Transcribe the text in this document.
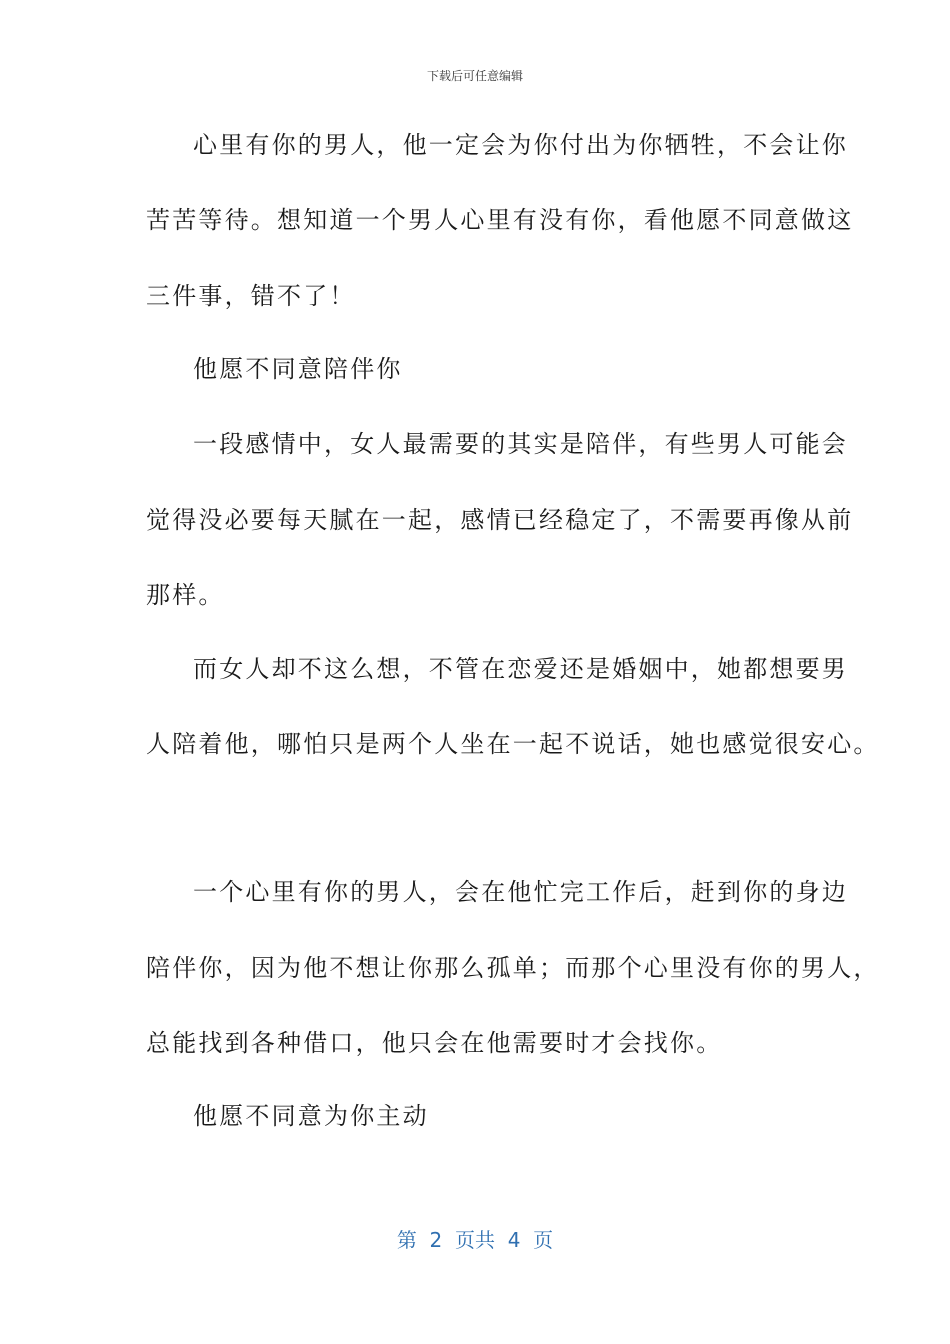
下载后可任意编辑
心里有你的男人，他一定会为你付出为你牺牲，不会让你
苦苦等待。想知道一个男人心里有没有你，看他愿不同意做这
三件事，错不了！
他愿不同意陪伴你
一段感情中，女人最需要的其实是陪伴，有些男人可能会
觉得没必要每天腻在一起，感情已经稳定了，不需要再像从前
那样。
而女人却不这么想，不管在恋爱还是婚姻中，她都想要男
人陪着他，哪怕只是两个人坐在一起不说话，她也感觉很安心。
一个心里有你的男人，会在他忙完工作后，赶到你的身边
陪伴你，因为他不想让你那么孤单；而那个心里没有你的男人，
总能找到各种借口，他只会在他需要时才会找你。
他愿不同意为你主动
第  2  页共  4  页
